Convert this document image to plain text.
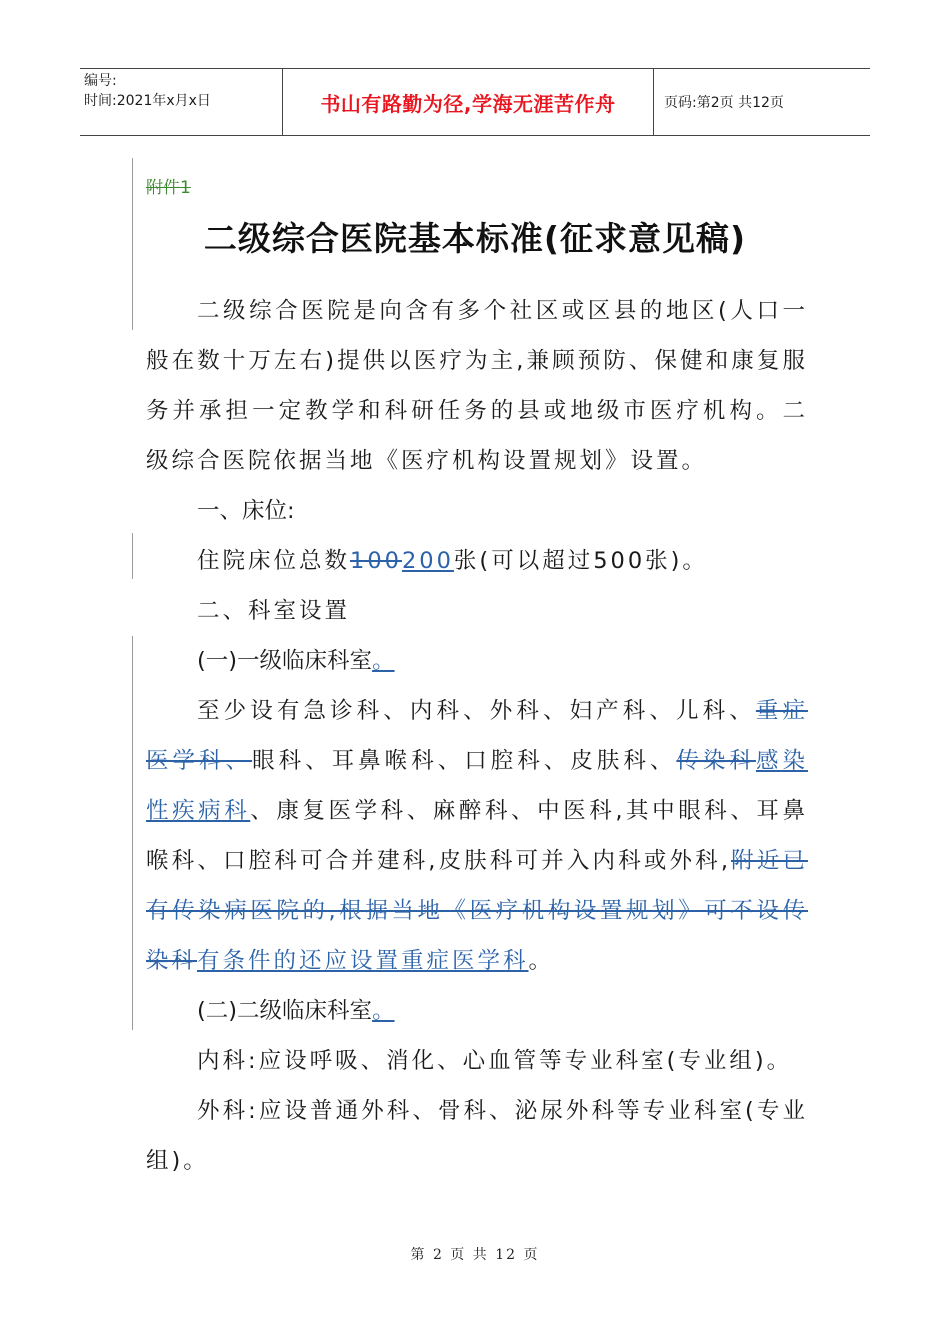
编号:
时间:2021年x月x日	书山有路勤为径,学海无涯苦作舟	页码:第2页 共12页
附件1
二级综合医院基本标准(征求意见稿)

二级综合医院是向含有多个社区或区县的地区(人口一般在数十万左右)提供以医疗为主,兼顾预防、保健和康复服务并承担一定教学和科研任务的县或地级市医疗机构。二级综合医院依据当地《医疗机构设置规划》设置。

一、床位:

住院床位总数100200张(可以超过500张)。

二、科室设置

(一)一级临床科室。

至少设有急诊科、内科、外科、妇产科、儿科、重症医学科、眼科、耳鼻喉科、口腔科、皮肤科、传染科感染性疾病科、康复医学科、麻醉科、中医科,其中眼科、耳鼻喉科、口腔科可合并建科,皮肤科可并入内科或外科,附近已有传染病医院的,根据当地《医疗机构设置规划》可不设传染科有条件的还应设置重症医学科。

(二)二级临床科室。

内科:应设呼吸、消化、心血管等专业科室(专业组)。

外科:应设普通外科、骨科、泌尿外科等专业科室(专业组)。

第 2 页 共 12 页
